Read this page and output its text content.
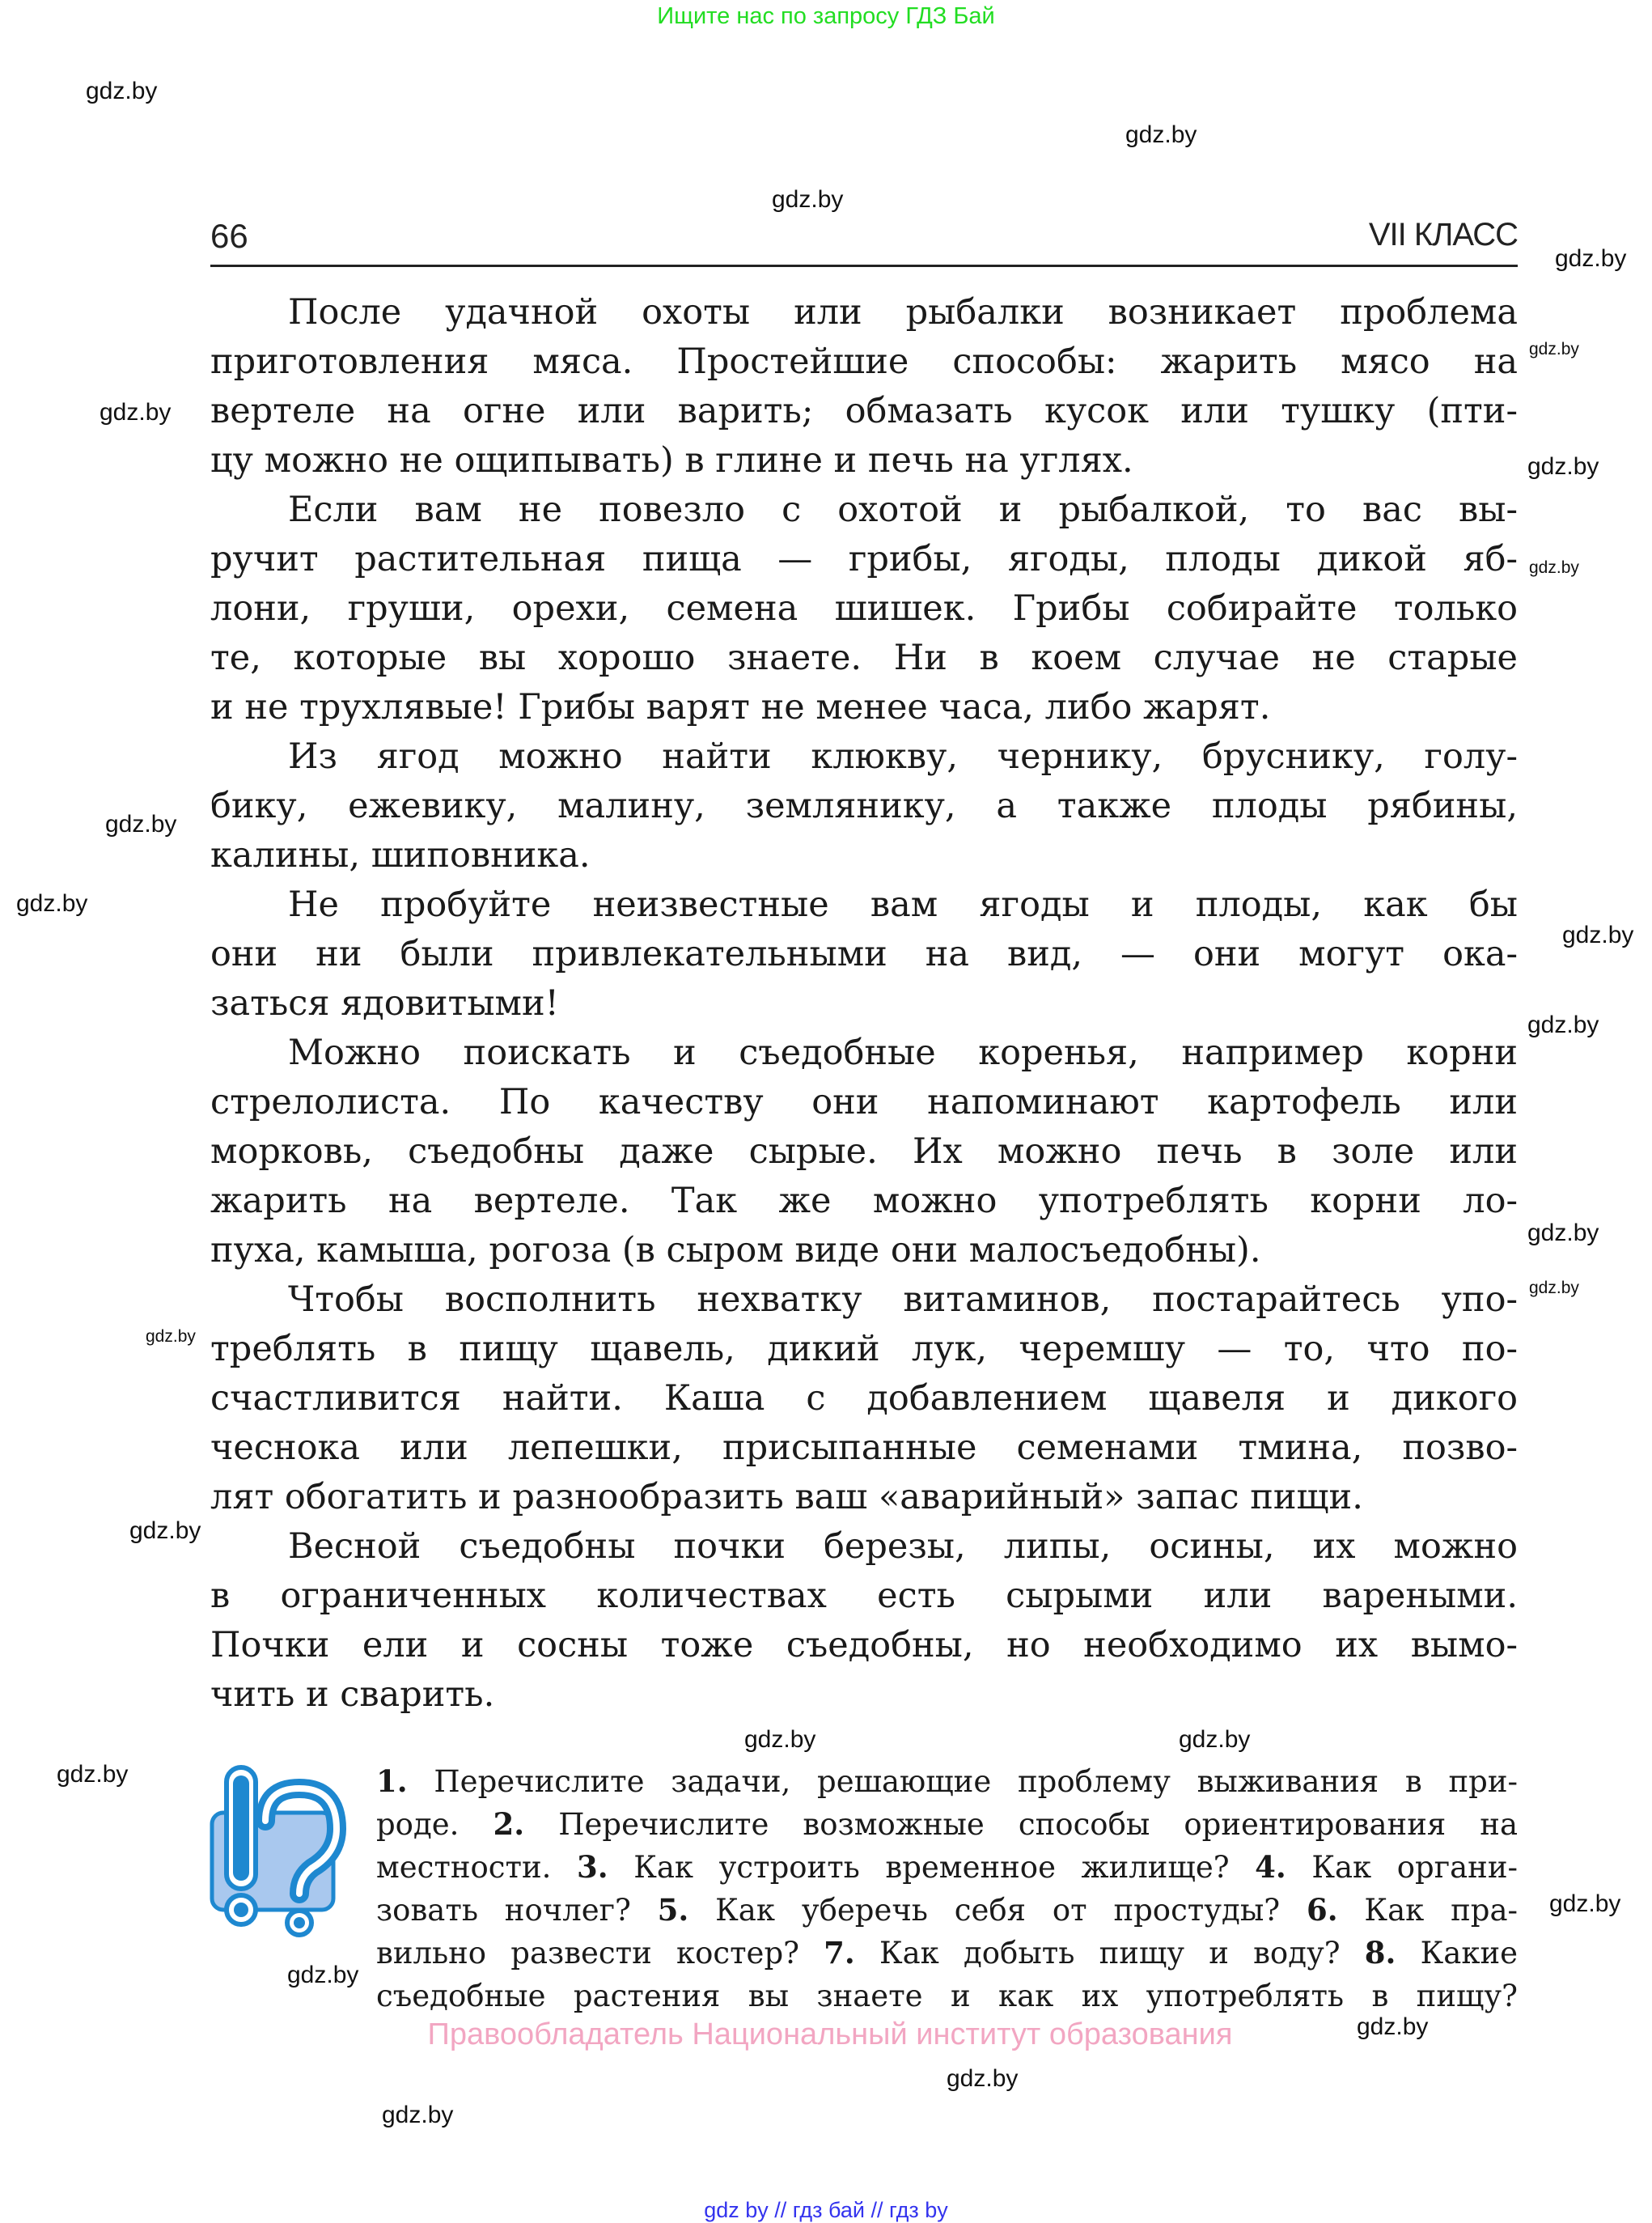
Ищите нас по запросу ГДЗ Бай
66	VII КЛАСС
После удачной охоты или рыбалки возникает проблема
приготовления мяса. Простейшие способы: жарить мясо на
вертеле на огне или варить; обмазать кусок или тушку (пти-
цу можно не ощипывать) в глине и печь на углях.
Если вам не повезло с охотой и рыбалкой, то вас вы-
ручит растительная пища — грибы, ягоды, плоды дикой яб-
лони, груши, орехи, семена шишек. Грибы собирайте только
те, которые вы хорошо знаете. Ни в коем случае не старые
и не трухлявые! Грибы варят не менее часа, либо жарят.
Из ягод можно найти клюкву, чернику, бруснику, голу-
бику, ежевику, малину, землянику, а также плоды рябины,
калины, шиповника.
Не пробуйте неизвестные вам ягоды и плоды, как бы
они ни были привлекательными на вид, — они могут ока-
заться ядовитыми!
Можно поискать и съедобные коренья, например корни
стрелолиста. По качеству они напоминают картофель или
морковь, съедобны даже сырые. Их можно печь в золе или
жарить на вертеле. Так же можно употреблять корни ло-
пуха, камыша, рогоза (в сыром виде они малосъедобны).
Чтобы восполнить нехватку витаминов, постарайтесь упо-
треблять в пищу щавель, дикий лук, черемшу — то, что по-
счастливится найти. Каша с добавлением щавеля и дикого
чеснока или лепешки, присыпанные семенами тмина, позво-
лят обогатить и разнообразить ваш «аварийный» запас пищи.
Весной съедобны почки березы, липы, осины, их можно
в ограниченных количествах есть сырыми или вареными.
Почки ели и сосны тоже съедобны, но необходимо их вымо-
чить и сварить.
1. Перечислите задачи, решающие проблему выживания в при-
роде. 2. Перечислите возможные способы ориентирования на
местности. 3. Как устроить временное жилище? 4. Как органи-
зовать ночлег? 5. Как уберечь себя от простуды? 6. Как пра-
вильно развести костер? 7. Как добыть пищу и воду? 8. Какие
съедобные растения вы знаете и как их употреблять в пищу?
Правообладатель Национальный институт образования
gdz by // гдз бай // гдз by
gdz.by
gdz.by
gdz.by
gdz.by
gdz.by
gdz.by
gdz.by
gdz.by
gdz.by
gdz.by
gdz.by
gdz.by
gdz.by
gdz.by
gdz.by
gdz.by
gdz.by	gdz.by
gdz.by
gdz.by
gdz.by
gdz.by
gdz.by
gdz.by
